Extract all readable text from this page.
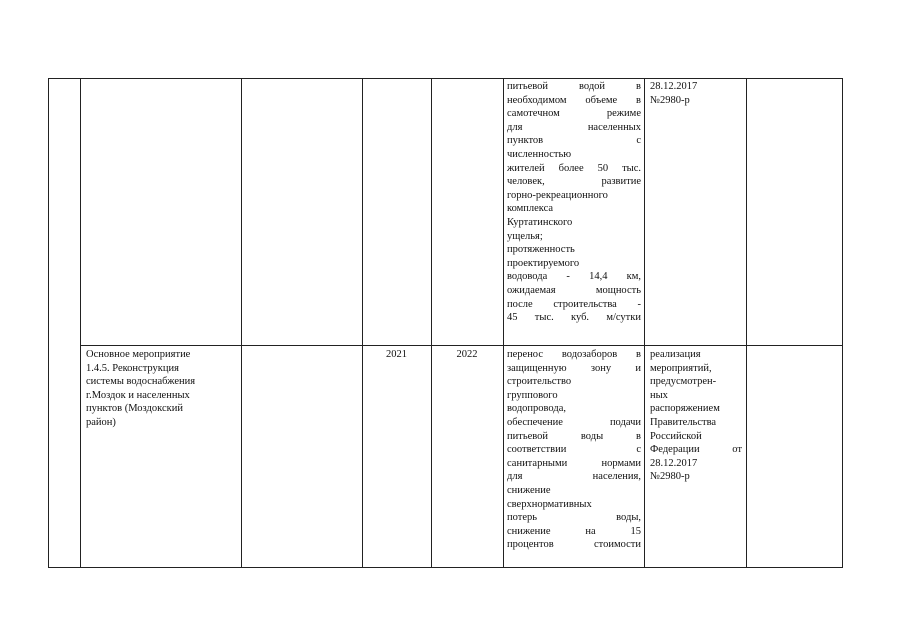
питьевой водой в
необходимом объеме в
самотечном режиме
для населенных
пунктов с
численностью
жителей более 50 тыс.
человек, развитие
горно-рекреационного
комплекса
Куртатинского
ущелья;
протяженность
проектируемого
водовода - 14,4 км,
ожидаемая мощность
после строительства -
45 тыс. куб. м/сутки
28.12.2017
№2980-р
Основное мероприятие
1.4.5. Реконструкция
системы водоснабжения
г.Моздок и населенных
пунктов (Моздокский
район)
2021	2022	перенос водозаборов в
защищенную зону и
строительство
группового
водопровода,
обеспечение подачи
питьевой воды в
соответствии с
санитарными нормами
для населения,
снижение
сверхнормативных
потерь воды,
снижение на 15
процентов стоимости
реализация
мероприятий,
предусмотрен-
ных
распоряжением
Правительства
Российской
Федерации от
28.12.2017
№2980-р
